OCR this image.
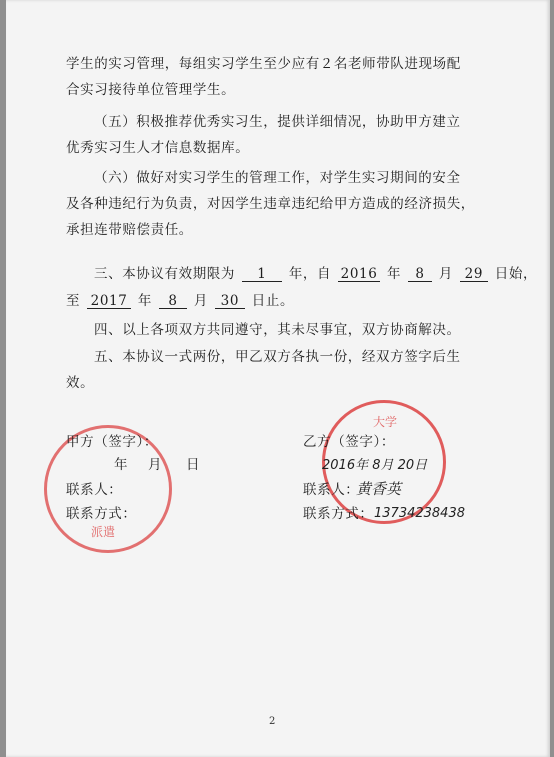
学生的实习管理，每组实习学生至少应有２名老师带队进现场配
合实习接待单位管理学生。
（五）积极推荐优秀实习生，提供详细情况，协助甲方建立
优秀实习生人才信息数据库。
（六）做好对实习学生的管理工作，对学生实习期间的安全
及各种违纪行为负责，对因学生违章违纪给甲方造成的经济损失，
承担连带赔偿责任。
三、本协议有效期限为 1 年，自 2016 年 8 月 29 日始，
至 2017 年 8 月 30 日止。
四、以上各项双方共同遵守，其未尽事宜，双方协商解决。
五、本协议一式两份，甲乙双方各执一份，经双方签字后生
效。
派遣
甲方（签字）：
年 月 日
联系人：
联系方式：
大学
乙方（签字）：
2016年 8月 20日
联系人：
黄香英
联系方式： 13734238438
2
